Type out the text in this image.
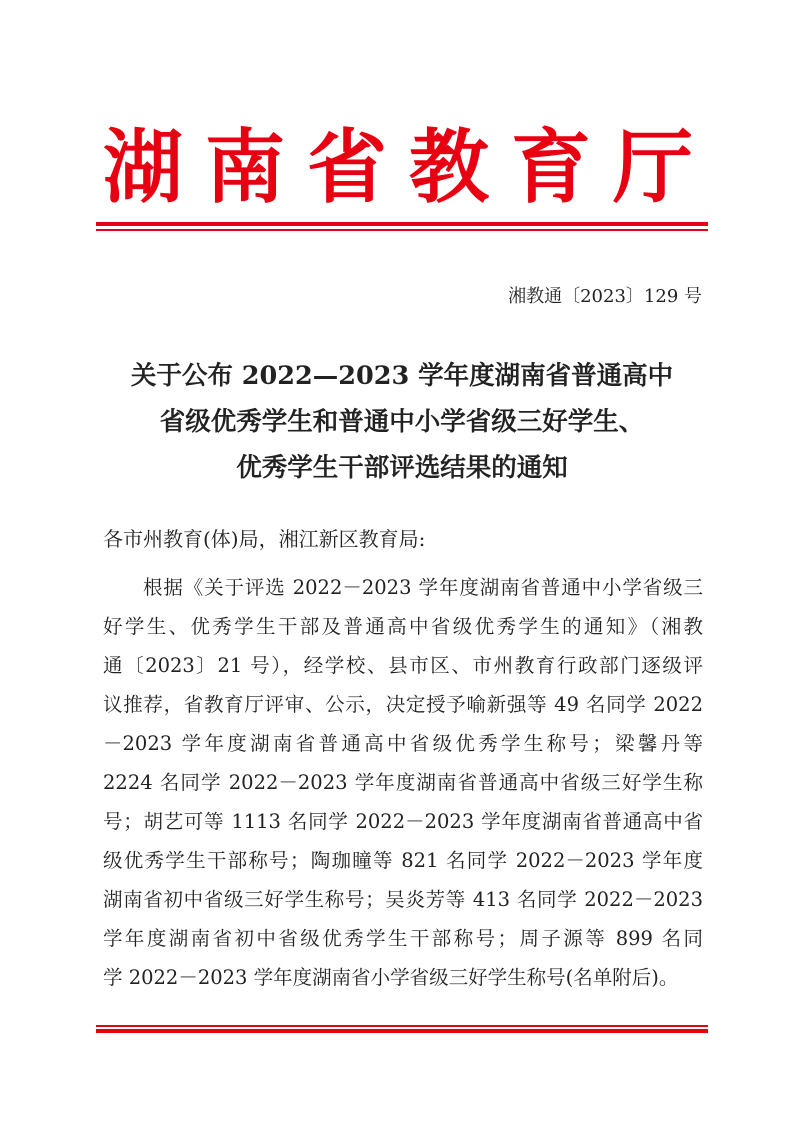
湖南省教育厅
湘教通〔2023〕129 号
关于公布 2022—2023 学年度湖南省普通高中
省级优秀学生和普通中小学省级三好学生、
优秀学生干部评选结果的通知
各市州教育(体)局，湘江新区教育局:
根据《关于评选 2022－2023 学年度湖南省普通中小学省级三
好学生、优秀学生干部及普通高中省级优秀学生的通知》（湘教
通〔2023〕21 号），经学校、县市区、市州教育行政部门逐级评
议推荐，省教育厅评审、公示，决定授予喻新强等 49 名同学 2022
－2023 学年度湖南省普通高中省级优秀学生称号；梁馨丹等
2224 名同学 2022－2023 学年度湖南省普通高中省级三好学生称
号；胡艺可等 1113 名同学 2022－2023 学年度湖南省普通高中省
级优秀学生干部称号；陶珈瞳等 821 名同学 2022－2023 学年度
湖南省初中省级三好学生称号；吴炎芳等 413 名同学 2022－2023
学年度湖南省初中省级优秀学生干部称号；周子源等 899 名同
学 2022－2023 学年度湖南省小学省级三好学生称号(名单附后)。
